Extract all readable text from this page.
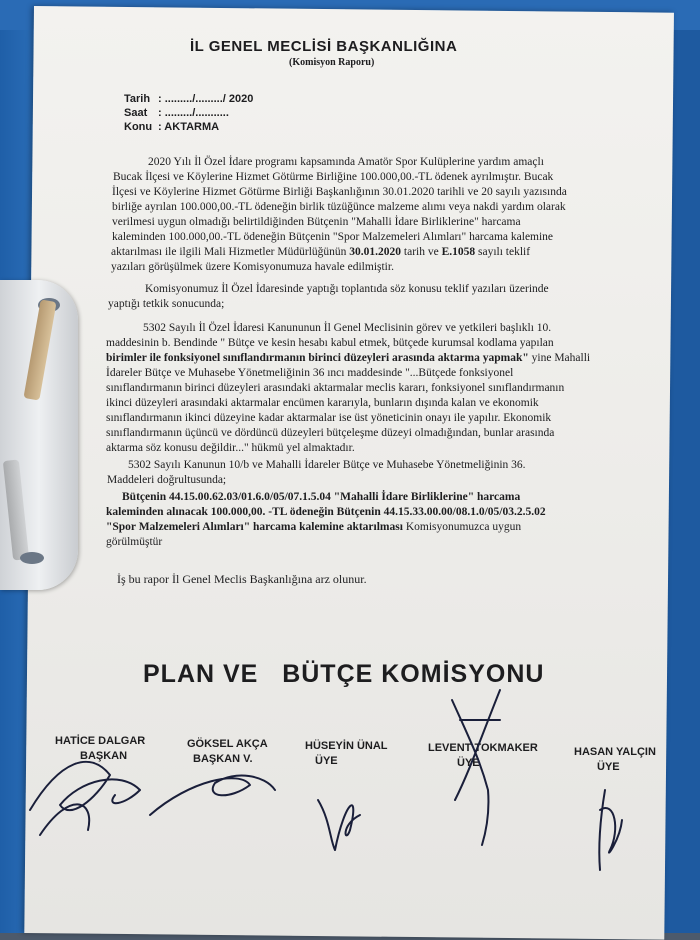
İL GENEL MECLİSİ BAŞKANLIĞINA
(Komisyon Raporu)
Tarih : ........./........./ 2020
Saat : ........./...........
Konu : AKTARMA
2020 Yılı İl Özel İdare programı kapsamında Amatör Spor Kulüplerine yardım amaçlı
Bucak İlçesi ve Köylerine Hizmet Götürme Birliğine 100.000,00.-TL ödenek ayrılmıştır. Bucak
İlçesi ve Köylerine Hizmet Götürme Birliği Başkanlığının 30.01.2020 tarihli ve 20 sayılı yazısında
birliğe ayrılan 100.000,00.-TL ödeneğin birlik tüzüğünce malzeme alımı veya nakdi yardım olarak
verilmesi uygun olmadığı belirtildiğinden Bütçenin "Mahalli İdare Birliklerine" harcama
kaleminden 100.000,00.-TL ödeneğin Bütçenin "Spor Malzemeleri Alımları" harcama kalemine
aktarılması ile ilgili Mali Hizmetler Müdürlüğünün 30.01.2020 tarih ve E.1058 sayılı teklif
yazıları görüşülmek üzere Komisyonumuza havale edilmiştir.
Komisyonumuz İl Özel İdaresinde yaptığı toplantıda söz konusu teklif yazıları üzerinde
yaptığı tetkik sonucunda;
5302 Sayılı İl Özel İdaresi Kanununun İl Genel Meclisinin görev ve yetkileri başlıklı 10.
maddesinin b. Bendinde " Bütçe ve kesin hesabı kabul etmek, bütçede kurumsal kodlama yapılan
birimler ile fonksiyonel sınıflandırmanın birinci düzeyleri arasında aktarma yapmak" yine Mahalli
İdareler Bütçe ve Muhasebe Yönetmeliğinin 36 ıncı maddesinde "...Bütçede fonksiyonel
sınıflandırmanın birinci düzeyleri arasındaki aktarmalar meclis kararı, fonksiyonel sınıflandırmanın
ikinci düzeyleri arasındaki aktarmalar encümen kararıyla, bunların dışında kalan ve ekonomik
sınıflandırmanın ikinci düzeyine kadar aktarmalar ise üst yöneticinin onayı ile yapılır. Ekonomik
sınıflandırmanın üçüncü ve dördüncü düzeyleri bütçeleşme düzeyi olmadığından, bunlar arasında
aktarma söz konusu değildir..." hükmü yel almaktadır.
5302 Sayılı Kanunun 10/b ve Mahalli İdareler Bütçe ve Muhasebe Yönetmeliğinin 36.
Maddeleri doğrultusunda;
Bütçenin 44.15.00.62.03/01.6.0/05/07.1.5.04 "Mahalli İdare Birliklerine" harcama
kaleminden alınacak 100.000,00. -TL ödeneğin Bütçenin 44.15.33.00.00/08.1.0/05/03.2.5.02
"Spor Malzemeleri Alımları" harcama kalemine aktarılması Komisyonumuzca uygun
görülmüştür
İş bu rapor İl Genel Meclis Başkanlığına arz olunur.
PLAN VE BÜTÇE KOMİSYONU
HATİCE DALGAR
BAŞKAN
GÖKSEL AKÇA
BAŞKAN V.
HÜSEYİN ÜNAL
ÜYE
LEVENT TOKMAKER
ÜYE
HASAN YALÇIN
ÜYE
